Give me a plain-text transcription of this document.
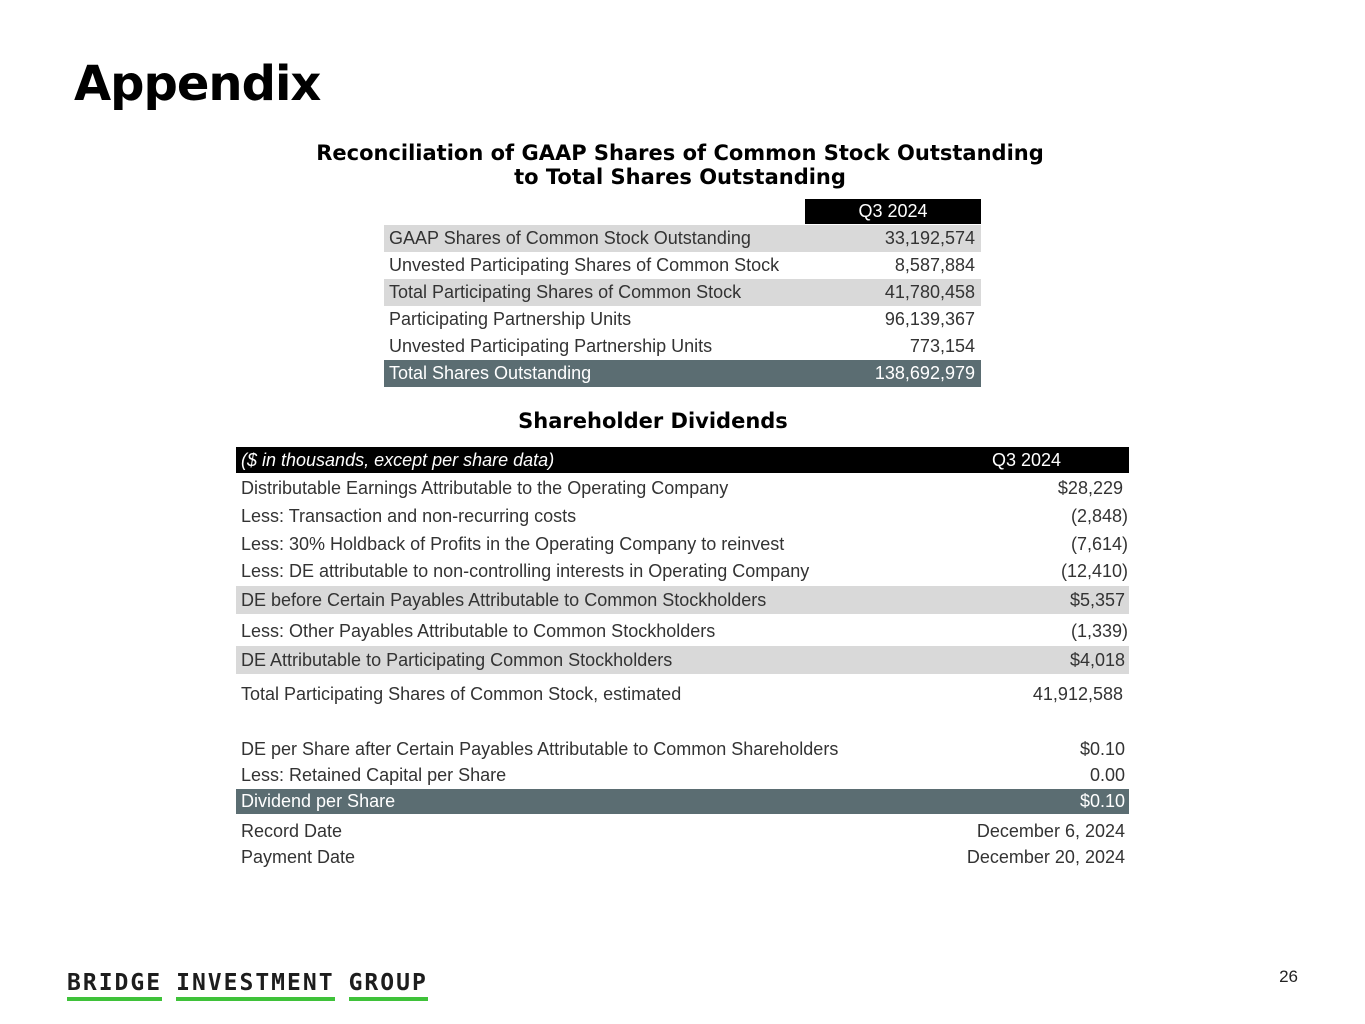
Appendix
Reconciliation of GAAP Shares of Common Stock Outstanding
to Total Shares Outstanding
Q3 2024
GAAP Shares of Common Stock Outstanding	33,192,574
Unvested Participating Shares of Common Stock	8,587,884
Total Participating Shares of Common Stock	41,780,458
Participating Partnership Units	96,139,367
Unvested Participating Partnership Units	773,154
Total Shares Outstanding	138,692,979
Shareholder Dividends
($ in thousands, except per share data)	Q3 2024
Distributable Earnings Attributable to the Operating Company	$28,229
Less: Transaction and non-recurring costs	(2,848)
Less: 30% Holdback of Profits in the Operating Company to reinvest	(7,614)
Less: DE attributable to non-controlling interests in Operating Company	(12,410)
DE before Certain Payables Attributable to Common Stockholders	$5,357
Less: Other Payables Attributable to Common Stockholders	(1,339)
DE Attributable to Participating Common Stockholders	$4,018
Total Participating Shares of Common Stock, estimated	41,912,588
DE per Share after Certain Payables Attributable to Common Shareholders	$0.10
Less: Retained Capital per Share	0.00
Dividend per Share	$0.10
Record Date	December 6, 2024
Payment Date	December 20, 2024
BRIDGE INVESTMENT GROUP	26
